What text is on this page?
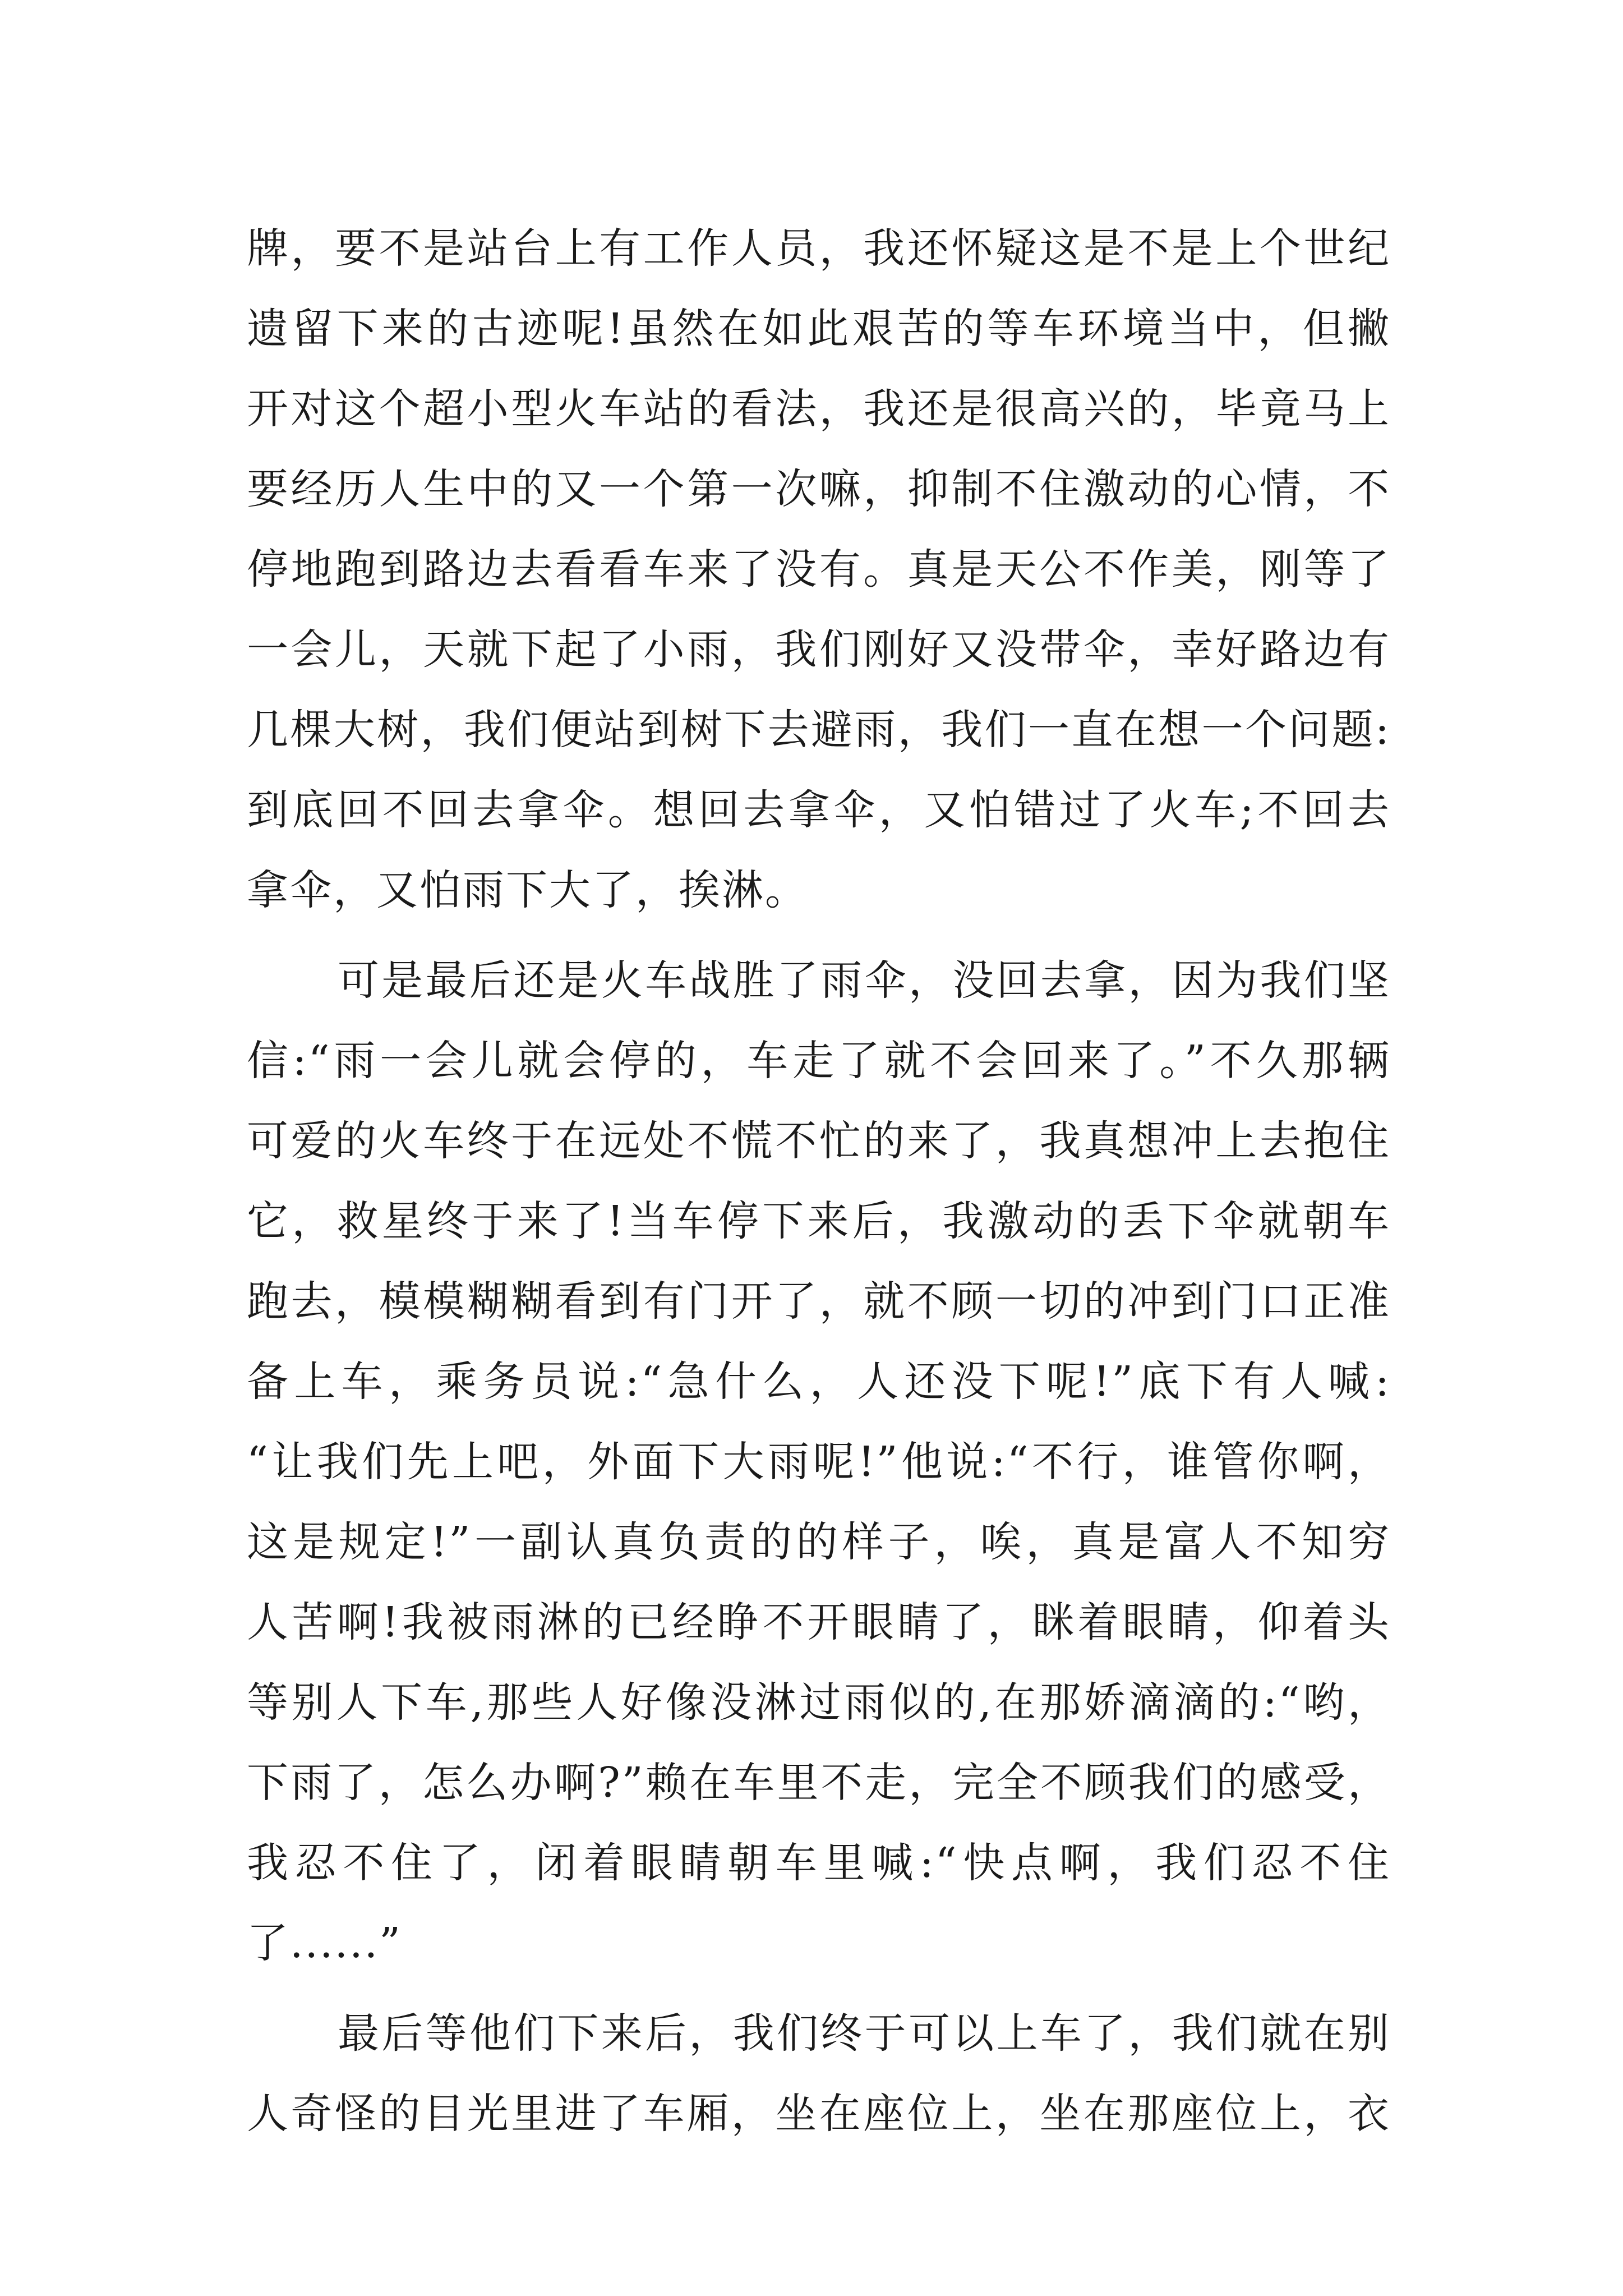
牌，要不是站台上有工作人员，我还怀疑这是不是上个世纪
遗留下来的古迹呢!虽然在如此艰苦的等车环境当中，但撇
开对这个超小型火车站的看法，我还是很高兴的，毕竟马上
要经历人生中的又一个第一次嘛，抑制不住激动的心情，不
停地跑到路边去看看车来了没有。真是天公不作美，刚等了
一会儿，天就下起了小雨，我们刚好又没带伞，幸好路边有
几棵大树，我们便站到树下去避雨，我们一直在想一个问题:
到底回不回去拿伞。想回去拿伞，又怕错过了火车;不回去
拿伞，又怕雨下大了，挨淋。
可是最后还是火车战胜了雨伞，没回去拿，因为我们坚
信:“雨一会儿就会停的，车走了就不会回来了。”不久那辆
可爱的火车终于在远处不慌不忙的来了，我真想冲上去抱住
它，救星终于来了!当车停下来后，我激动的丢下伞就朝车
跑去，模模糊糊看到有门开了，就不顾一切的冲到门口正准
备上车，乘务员说:“急什么，人还没下呢!”底下有人喊:
“让我们先上吧，外面下大雨呢!”他说:“不行，谁管你啊，
这是规定!”一副认真负责的的样子，唉，真是富人不知穷
人苦啊!我被雨淋的已经睁不开眼睛了，眯着眼睛，仰着头
等别人下车,那些人好像没淋过雨似的,在那娇滴滴的:“哟，
下雨了，怎么办啊?”赖在车里不走，完全不顾我们的感受，
我忍不住了，闭着眼睛朝车里喊:“快点啊，我们忍不住
了......”
最后等他们下来后，我们终于可以上车了，我们就在别
人奇怪的目光里进了车厢，坐在座位上，坐在那座位上，衣
